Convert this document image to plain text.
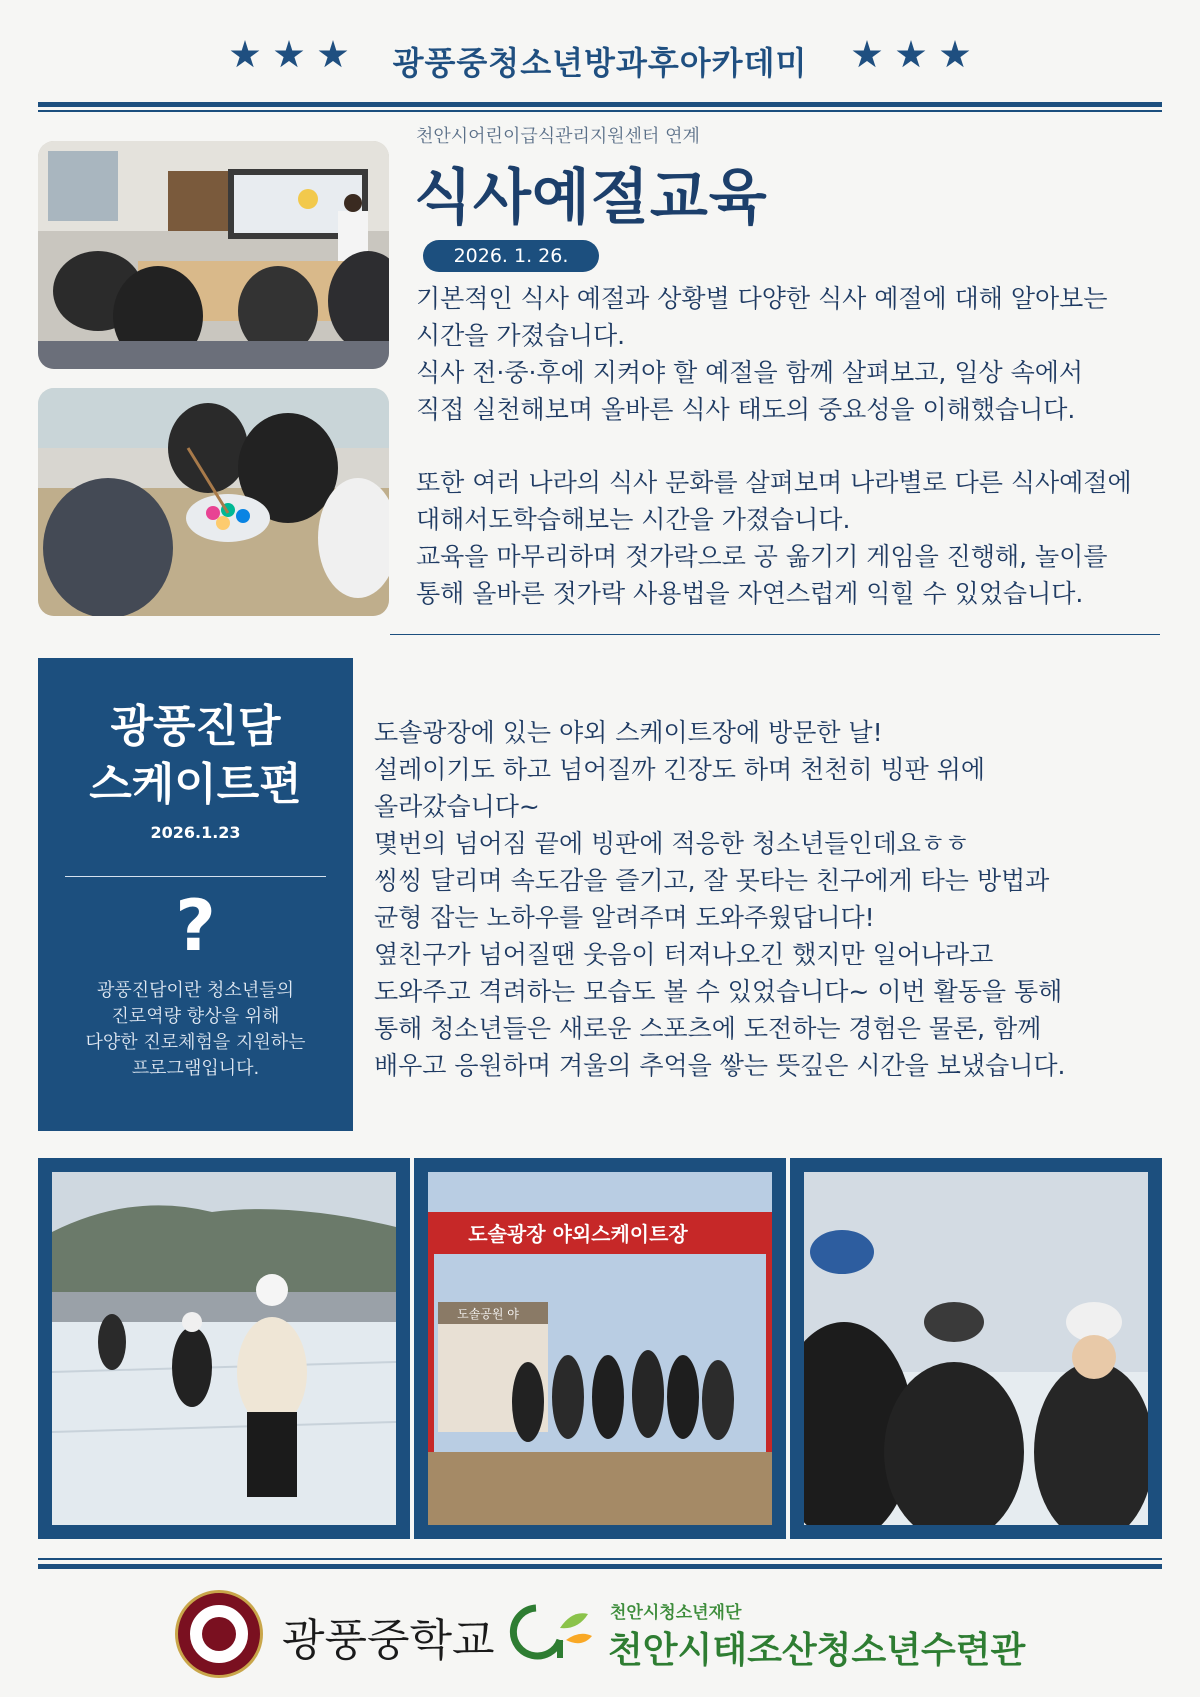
광풍중청소년방과후아카데미
천안시어린이급식관리지원센터 연계
식사예절교육
2026. 1. 26.

기본적인 식사 예절과 상황별 다양한 식사 예절에 대해 알아보는

시간을 가졌습니다.

식사 전·중·후에 지켜야 할 예절을 함께 살펴보고, 일상 속에서

직접 실천해보며 올바른 식사 태도의 중요성을 이해했습니다.

또한 여러 나라의 식사 문화를 살펴보며 나라별로 다른 식사예절에

대해서도학습해보는 시간을 가졌습니다.

교육을 마무리하며 젓가락으로 공 옮기기 게임을 진행해, 놀이를

통해 올바른 젓가락 사용법을 자연스럽게 익힐 수 있었습니다.

광풍진담
스케이트편
2026.1.23
?
광풍진담이란 청소년들의
진로역량 향상을 위해
다양한 진로체험을 지원하는
프로그램입니다.

도솔광장에 있는 야외 스케이트장에 방문한 날!

설레이기도 하고 넘어질까 긴장도 하며 천천히 빙판 위에

올라갔습니다~

몇번의 넘어짐 끝에 빙판에 적응한 청소년들인데요ㅎㅎ

씽씽 달리며 속도감을 즐기고, 잘 못타는 친구에게 타는 방법과

균형 잡는 노하우를 알려주며 도와주웠답니다!

옆친구가 넘어질땐 웃음이 터져나오긴 했지만 일어나라고

도와주고 격려하는 모습도 볼 수 있었습니다~ 이번 활동을 통해

통해 청소년들은 새로운 스포츠에 도전하는 경험은 물론, 함께

배우고 응원하며 겨울의 추억을 쌓는 뜻깊은 시간을 보냈습니다.

도솔광장 야외스케이트장
도솔공원 야
광풍중학교
천안시청소년재단
천안시태조산청소년수련관
